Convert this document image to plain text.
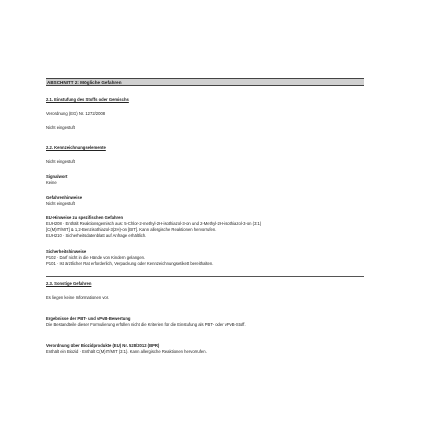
ABSCHNITT 2: Mögliche Gefahren
2.1. Einstufung des Stoffs oder Gemischs
Verordnung (EG) Nr. 1272/2008
Nicht eingestuft
2.2. Kennzeichnungselemente
Nicht eingestuft
Signalwort
Keine
Gefahrenhinweise
Nicht eingestuft
EU-Hinweise zu spezifischen Gefahren
EUH208 · Enthält Reaktionsgemisch aus: 5-Chlor-2-methyl-2H-isothiazol-3-on und 2-Methyl-2H-isothiazol-3-on (3:1)
[C(M)IT/MIT] & 1,2-Benzisothiazol-3(2H)-on [BIT]. Kann allergische Reaktionen hervorrufen.
EUH210 · Sicherheitsdatenblatt auf Anfrage erhältlich.
Sicherheitshinweise
P102 · Darf nicht in die Hände von Kindern gelangen.
P101 · Ist ärztlicher Rat erforderlich, Verpackung oder Kennzeichnungsetikett bereithalten.
2.3. Sonstige Gefahren
Es liegen keine Informationen vor.
Ergebnisse der PBT- und vPvB-Bewertung
Die Bestandteile dieser Formulierung erfüllen nicht die Kriterien für die Einstufung als PBT- oder vPvB-Stoff.
Verordnung über Biozidprodukte (EU) Nr. 528/2012 (BPR)
Enthält ein Biozid · Enthält C(M)IT/MIT (3:1). Kann allergische Reaktionen hervorrufen.
